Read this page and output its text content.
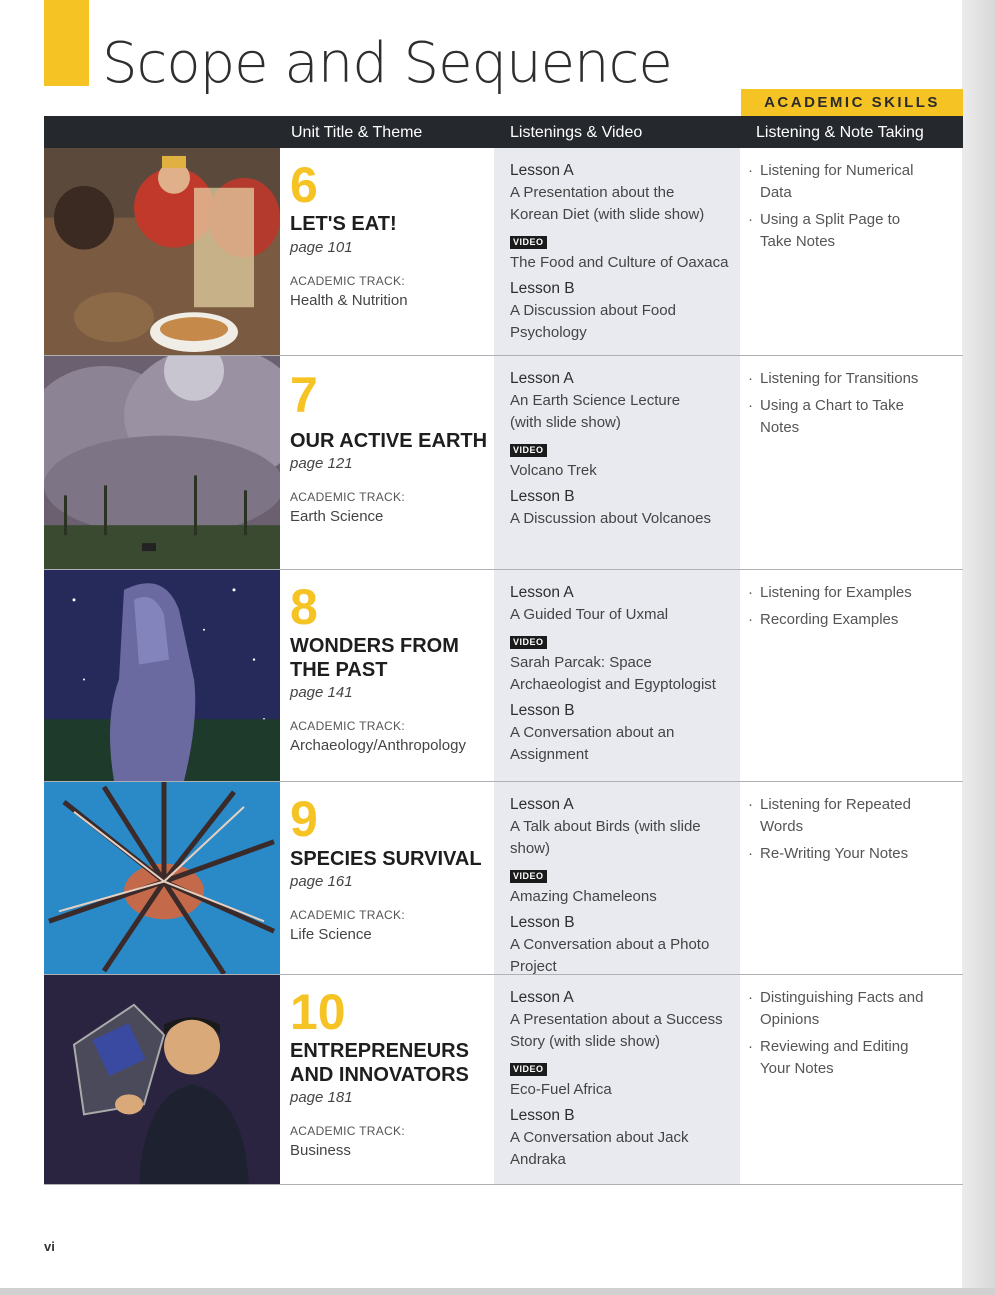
Scope and Sequence
ACADEMIC SKILLS
Unit Title & Theme	Listenings & Video	Listening & Note Taking
6
LET'S EAT!
page 101
ACADEMIC TRACK:
Health & Nutrition
Lesson A
A Presentation about the
Korean Diet (with slide show)
VIDEO
The Food and Culture of Oaxaca
Lesson B
A Discussion about Food
Psychology
· Listening for Numerical
Data
· Using a Split Page to
Take Notes
7
OUR ACTIVE EARTH
page 121
ACADEMIC TRACK:
Earth Science
Lesson A
An Earth Science Lecture
(with slide show)
VIDEO
Volcano Trek
Lesson B
A Discussion about Volcanoes
· Listening for Transitions
· Using a Chart to Take
Notes
8
WONDERS FROM
THE PAST
page 141
ACADEMIC TRACK:
Archaeology/Anthropology
Lesson A
A Guided Tour of Uxmal
VIDEO
Sarah Parcak: Space
Archaeologist and Egyptologist
Lesson B
A Conversation about an
Assignment
· Listening for Examples
· Recording Examples
9
SPECIES SURVIVAL
page 161
ACADEMIC TRACK:
Life Science
Lesson A
A Talk about Birds (with slide show)
VIDEO
Amazing Chameleons
Lesson B
A Conversation about a Photo
Project
· Listening for Repeated
Words
· Re-Writing Your Notes
10
ENTREPRENEURS
AND INNOVATORS
page 181
ACADEMIC TRACK:
Business
Lesson A
A Presentation about a Success
Story (with slide show)
VIDEO
Eco-Fuel Africa
Lesson B
A Conversation about Jack
Andraka
· Distinguishing Facts and
Opinions
· Reviewing and Editing
Your Notes
vi
